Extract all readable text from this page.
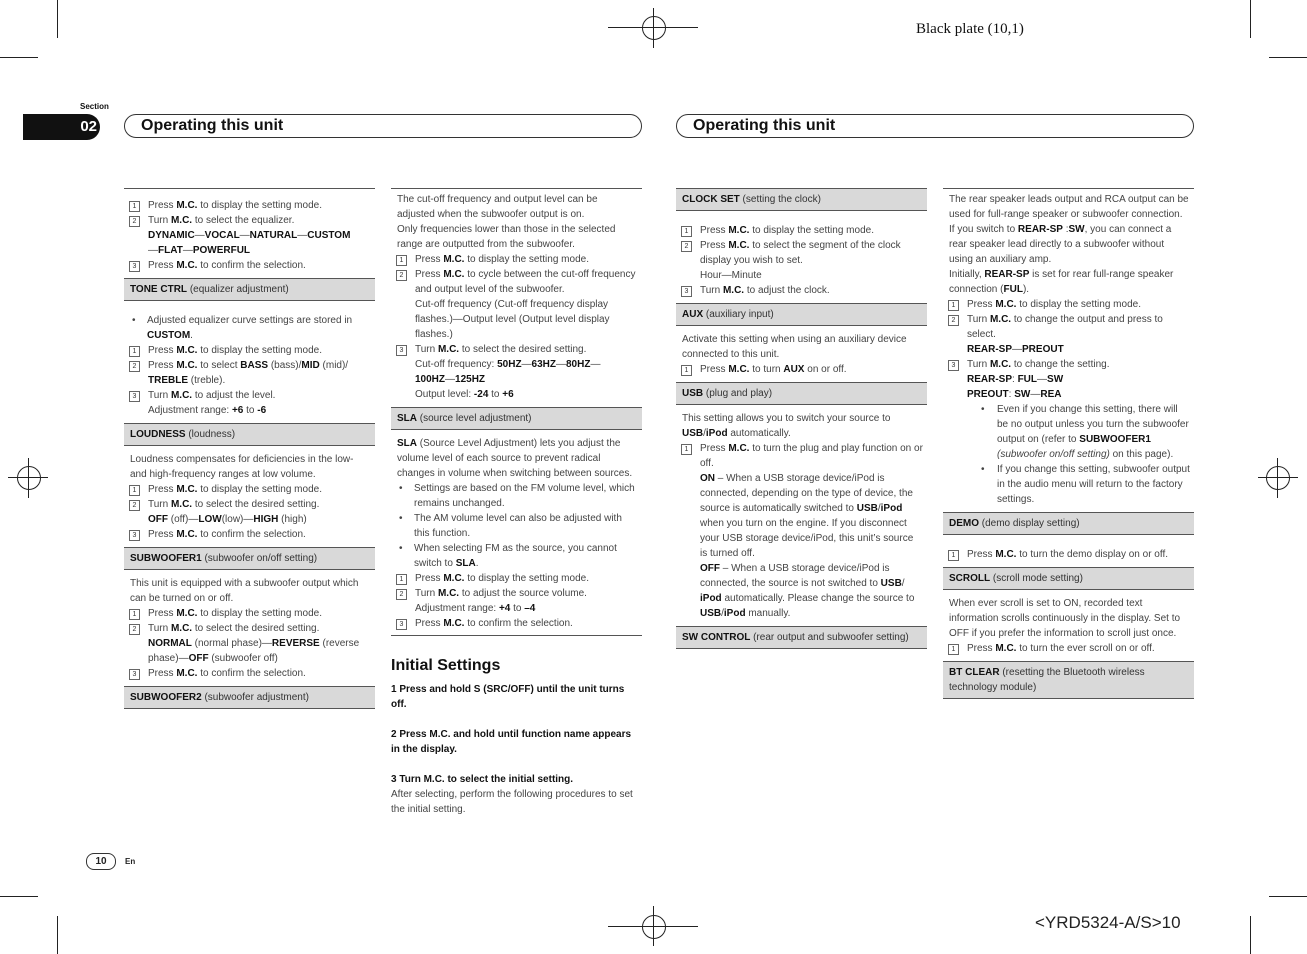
Black plate (10,1)
<YRD5324-A/S>10
Section
02	Operating this unit	Operating this unit
1	Press M.C. to display the setting mode.
2	Turn M.C. to select the equalizer.
DYNAMIC—VOCAL—NATURAL—CUSTOM
—FLAT—POWERFUL
3	Press M.C. to confirm the selection.
TONE CTRL (equalizer adjustment)
•	Adjusted equalizer curve settings are stored in CUSTOM.
1	Press M.C. to display the setting mode.
2	Press M.C. to select BASS (bass)/MID (mid)/
TREBLE (treble).
3	Turn M.C. to adjust the level.
Adjustment range: +6 to -6
LOUDNESS (loudness)

Loudness compensates for deficiencies in the low- and high-frequency ranges at low volume.

1	Press M.C. to display the setting mode.
2	Turn M.C. to select the desired setting.
OFF (off)—LOW(low)—HIGH (high)
3	Press M.C. to confirm the selection.
SUBWOOFER1 (subwoofer on/off setting)

This unit is equipped with a subwoofer output which can be turned on or off.

1	Press M.C. to display the setting mode.
2	Turn M.C. to select the desired setting.
NORMAL (normal phase)—REVERSE (reverse phase)—OFF (subwoofer off)
3	Press M.C. to confirm the selection.
SUBWOOFER2 (subwoofer adjustment)

The cut-off frequency and output level can be adjusted when the subwoofer output is on.

Only frequencies lower than those in the selected range are outputted from the subwoofer.

1	Press M.C. to display the setting mode.
2	Press M.C. to cycle between the cut-off frequency and output level of the subwoofer.
Cut-off frequency (Cut-off frequency display flashes.)—Output level (Output level display flashes.)
3	Turn M.C. to select the desired setting.
Cut-off frequency: 50HZ—63HZ—80HZ—
100HZ—125HZ
Output level: -24 to +6
SLA (source level adjustment)

SLA (Source Level Adjustment) lets you adjust the volume level of each source to prevent radical changes in volume when switching between sources.

•	Settings are based on the FM volume level, which remains unchanged.
•	The AM volume level can also be adjusted with this function.
•	When selecting FM as the source, you cannot switch to SLA.
1	Press M.C. to display the setting mode.
2	Turn M.C. to adjust the source volume.
Adjustment range: +4 to –4
3	Press M.C. to confirm the selection.
Initial Settings

1 Press and hold S (SRC/OFF) until the unit turns off.

2 Press M.C. and hold until function name appears in the display.

3 Turn M.C. to select the initial setting.

After selecting, perform the following procedures to set the initial setting.

CLOCK SET (setting the clock)
1	Press M.C. to display the setting mode.
2	Press M.C. to select the segment of the clock display you wish to set.
Hour—Minute
3	Turn M.C. to adjust the clock.
AUX (auxiliary input)

Activate this setting when using an auxiliary device connected to this unit.

1	Press M.C. to turn AUX on or off.
USB (plug and play)

This setting allows you to switch your source to USB/iPod automatically.

1	Press M.C. to turn the plug and play function on or off.
ON – When a USB storage device/iPod is connected, depending on the type of device, the source is automatically switched to USB/iPod when you turn on the engine. If you disconnect your USB storage device/iPod, this unit’s source is turned off.
OFF – When a USB storage device/iPod is connected, the source is not switched to USB/ iPod automatically. Please change the source to USB/iPod manually.
SW CONTROL (rear output and subwoofer setting)

The rear speaker leads output and RCA output can be used for full-range speaker or subwoofer connection.

If you switch to REAR-SP :SW, you can connect a rear speaker lead directly to a subwoofer without using an auxiliary amp.

Initially, REAR-SP is set for rear full-range speaker connection (FUL).

1	Press M.C. to display the setting mode.
2	Turn M.C. to change the output and press to select.
REAR-SP—PREOUT
3	Turn M.C. to change the setting.
REAR-SP: FUL—SW
PREOUT: SW—REA
•	Even if you change this setting, there will be no output unless you turn the subwoofer output on (refer to SUBWOOFER1 (subwoofer on/off setting) on this page).
•	If you change this setting, subwoofer output in the audio menu will return to the factory settings.
DEMO (demo display setting)
1	Press M.C. to turn the demo display on or off.
SCROLL (scroll mode setting)

When ever scroll is set to ON, recorded text information scrolls continuously in the display. Set to OFF if you prefer the information to scroll just once.

1	Press M.C. to turn the ever scroll on or off.
BT CLEAR (resetting the Bluetooth wireless technology module)
10	En
